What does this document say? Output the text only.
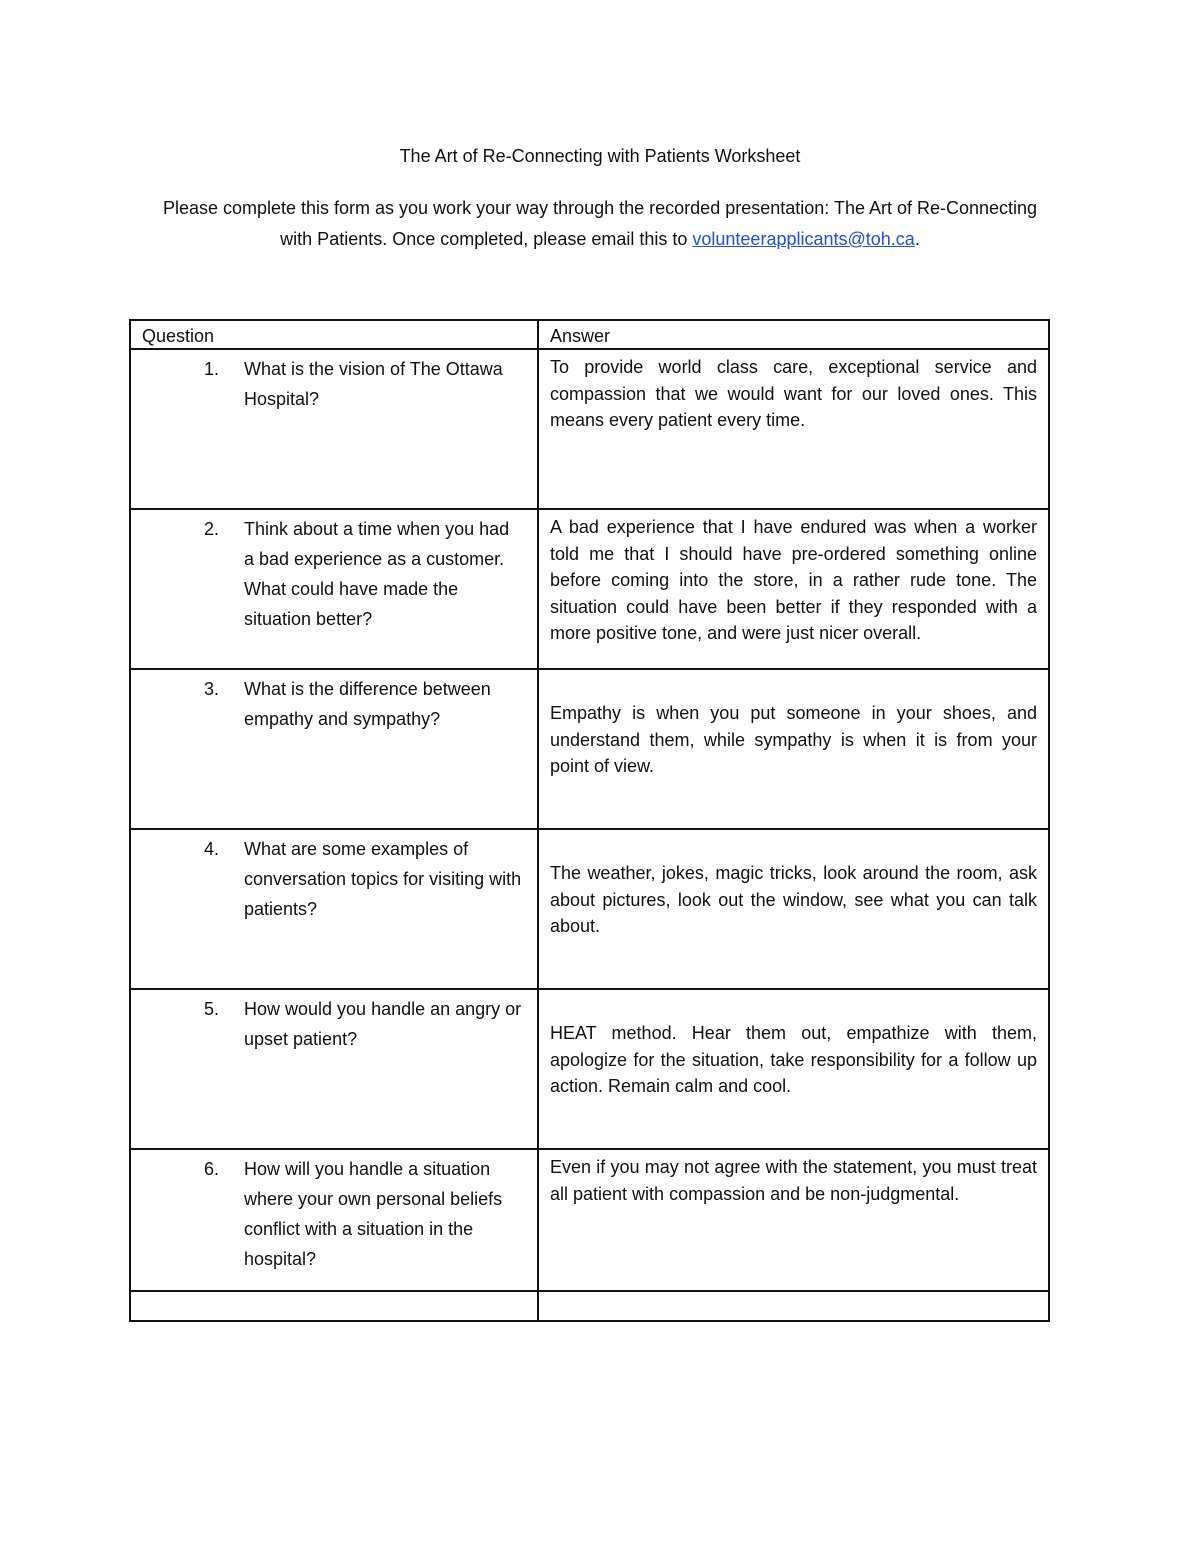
The Art of Re-Connecting with Patients Worksheet
Please complete this form as you work your way through the recorded presentation: The Art of Re-Connecting with Patients. Once completed, please email this to volunteerapplicants@toh.ca.
Question	Answer

1. What is the vision of The Ottawa Hospital?	To provide world class care, exceptional service and compassion that we would want for our loved ones. This means every patient every time.

2. Think about a time when you had a bad experience as a customer. What could have made the situation better?	A bad experience that I have endured was when a worker told me that I should have pre-ordered something online before coming into the store, in a rather rude tone. The situation could have been better if they responded with a more positive tone, and were just nicer overall.

3. What is the difference between empathy and sympathy?	Empathy is when you put someone in your shoes, and understand them, while sympathy is when it is from your point of view.

4. What are some examples of conversation topics for visiting with patients?	The weather, jokes, magic tricks, look around the room, ask about pictures, look out the window, see what you can talk about.

5. How would you handle an angry or upset patient?	HEAT method. Hear them out, empathize with them, apologize for the situation, take responsibility for a follow up action. Remain calm and cool.

6. How will you handle a situation where your own personal beliefs conflict with a situation in the hospital?	Even if you may not agree with the statement, you must treat all patient with compassion and be non-judgmental.
